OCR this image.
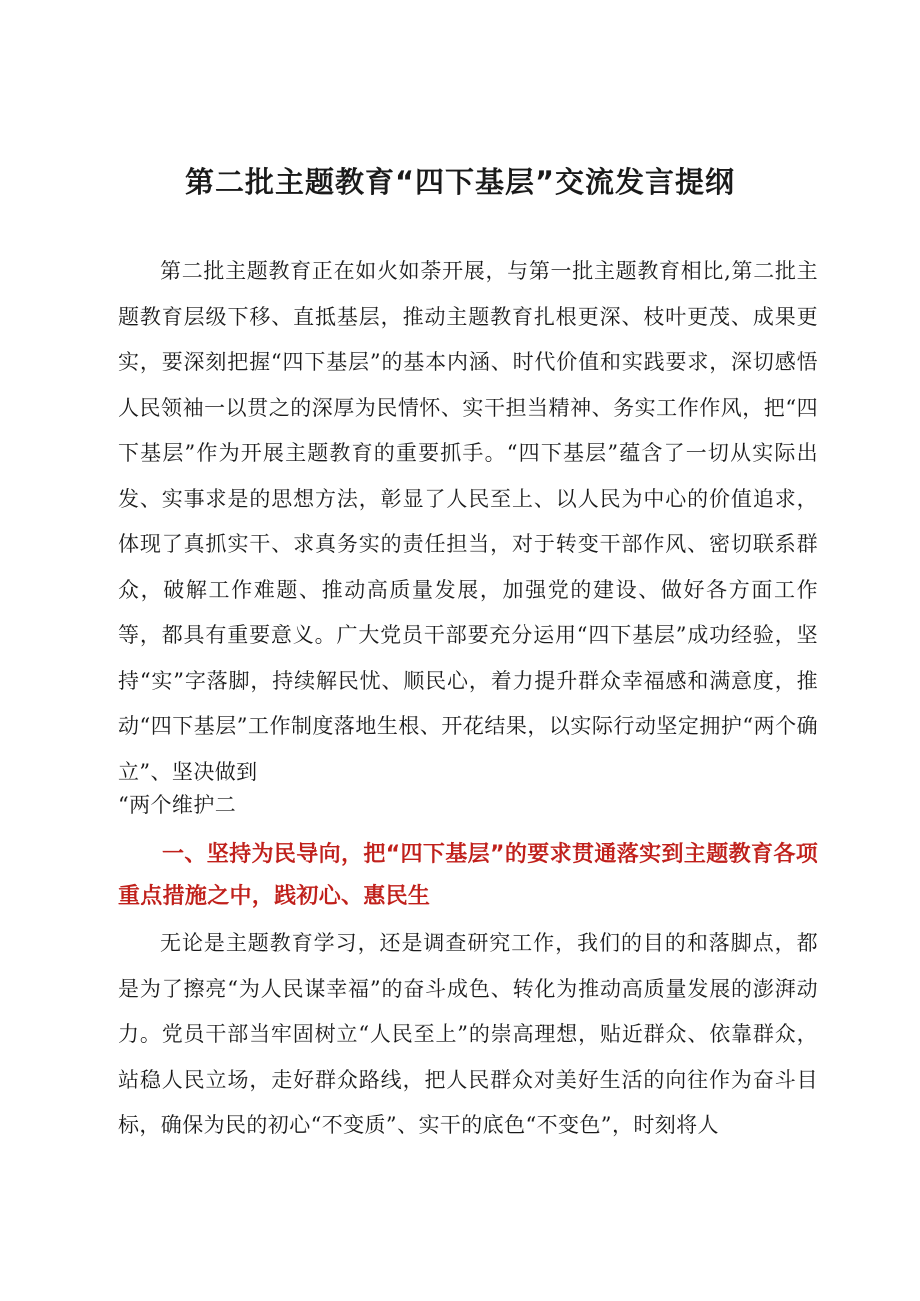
第二批主题教育“四下基层”交流发言提纲

第二批主题教育正在如火如荼开展，与第一批主题教育相比,第二批主题教育层级下移、直抵基层，推动主题教育扎根更深、枝叶更茂、成果更实，要深刻把握“四下基层”的基本内涵、时代价值和实践要求，深切感悟人民领袖一以贯之的深厚为民情怀、实干担当精神、务实工作作风，把“四下基层”作为开展主题教育的重要抓手。“四下基层”蕴含了一切从实际出发、实事求是的思想方法，彰显了人民至上、以人民为中心的价值追求，体现了真抓实干、求真务实的责任担当，对于转变干部作风、密切联系群众，破解工作难题、推动高质量发展，加强党的建设、做好各方面工作等，都具有重要意义。广大党员干部要充分运用“四下基层”成功经验，坚持“实”字落脚，持续解民忧、顺民心，着力提升群众幸福感和满意度，推动“四下基层”工作制度落地生根、开花结果，以实际行动坚定拥护“两个确立”、坚决做到

“两个维护二

一、坚持为民导向，把“四下基层”的要求贯通落实到主题教育各项重点措施之中，践初心、惠民生

无论是主题教育学习，还是调查研究工作，我们的目的和落脚点，都是为了擦亮“为人民谋幸福”的奋斗成色、转化为推动高质量发展的澎湃动力。党员干部当牢固树立“人民至上”的崇高理想，贴近群众、依靠群众，站稳人民立场，走好群众路线，把人民群众对美好生活的向往作为奋斗目标，确保为民的初心“不变质”、实干的底色“不变色”，时刻将人
